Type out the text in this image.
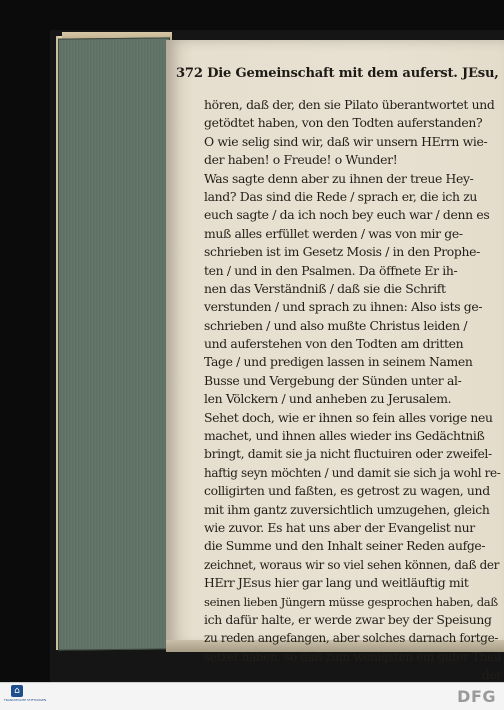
372 Die Gemeinschaft mit dem auferst. JEsu,
hören, daß der, den sie Pilato überantwortet und
getödtet haben, von den Todten auferstanden?
O wie selig sind wir, daß wir unsern HErrn wie-
der haben! o Freude! o Wunder!
Was sagte denn aber zu ihnen der treue Hey-
land? Das sind die Rede / sprach er, die ich zu
euch sagte / da ich noch bey euch war / denn es
muß alles erfüllet werden / was von mir ge-
schrieben ist im Gesetz Mosis / in den Prophe-
ten / und in den Psalmen. Da öffnete Er ih-
nen das Verständniß / daß sie die Schrift
verstunden / und sprach zu ihnen: Also ists ge-
schrieben / und also mußte Christus leiden /
und auferstehen von den Todten am dritten
Tage / und predigen lassen in seinem Namen
Busse und Vergebung der Sünden unter al-
len Völckern / und anheben zu Jerusalem.
Sehet doch, wie er ihnen so fein alles vorige neu
machet, und ihnen alles wieder ins Gedächtniß
bringt, damit sie ja nicht fluctuiren oder zweifel-
haftig seyn möchten / und damit sie sich ja wohl re-
colligirten und faßten, es getrost zu wagen, und
mit ihm gantz zuversichtlich umzugehen, gleich
wie zuvor. Es hat uns aber der Evangelist nur
die Summe und den Inhalt seiner Reden aufge-
zeichnet, woraus wir so viel sehen können, daß der
HErr JEsus hier gar lang und weitläuftig mit
seinen lieben Jüngern müsse gesprochen haben, daß
ich dafür halte, er werde zwar bey der Speisung
zu reden angefangen, aber solches darnach fortge-
setzet haben, so daß zum wenigsten ein guter Theil
der
⌂
FRANCKESCHE STIFTUNGEN	DFG
